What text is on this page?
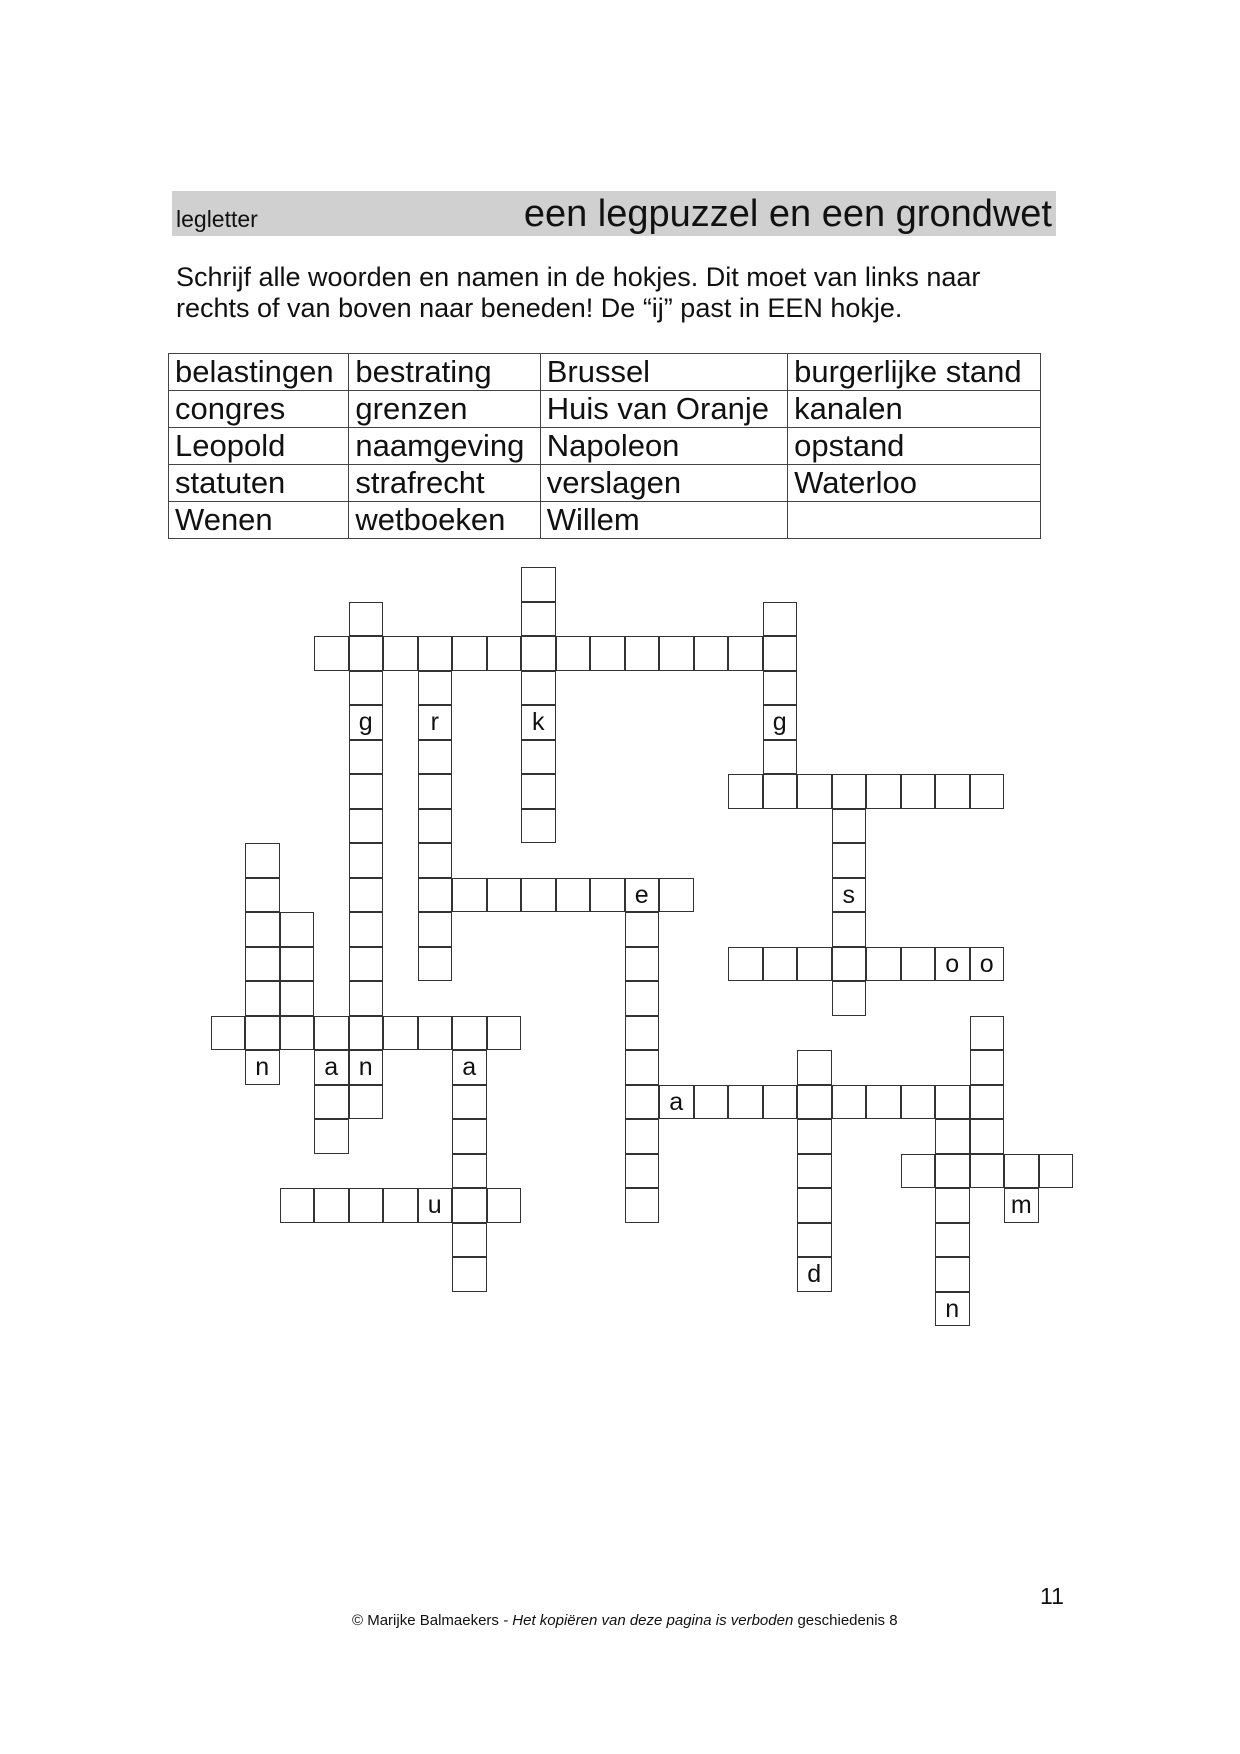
legletter	een legpuzzel en een grondwet
Schrijf alle woorden en namen in de hokjes. Dit moet van links naar rechts of van boven naar beneden! De “ij” past in EEN hokje.
belastingen	bestrating	Brussel	burgerlijke stand
congres	grenzen	Huis van Oranje	kanalen
Leopold	naamgeving	Napoleon	opstand
statuten	strafrecht	verslagen	Waterloo
Wenen	wetboeken	Willem	
g	r	k	g
e	s
o o
n	a n	a
a
u	m
d
n
11
© Marijke Balmaekers - Het kopiëren van deze pagina is verboden geschiedenis 8
